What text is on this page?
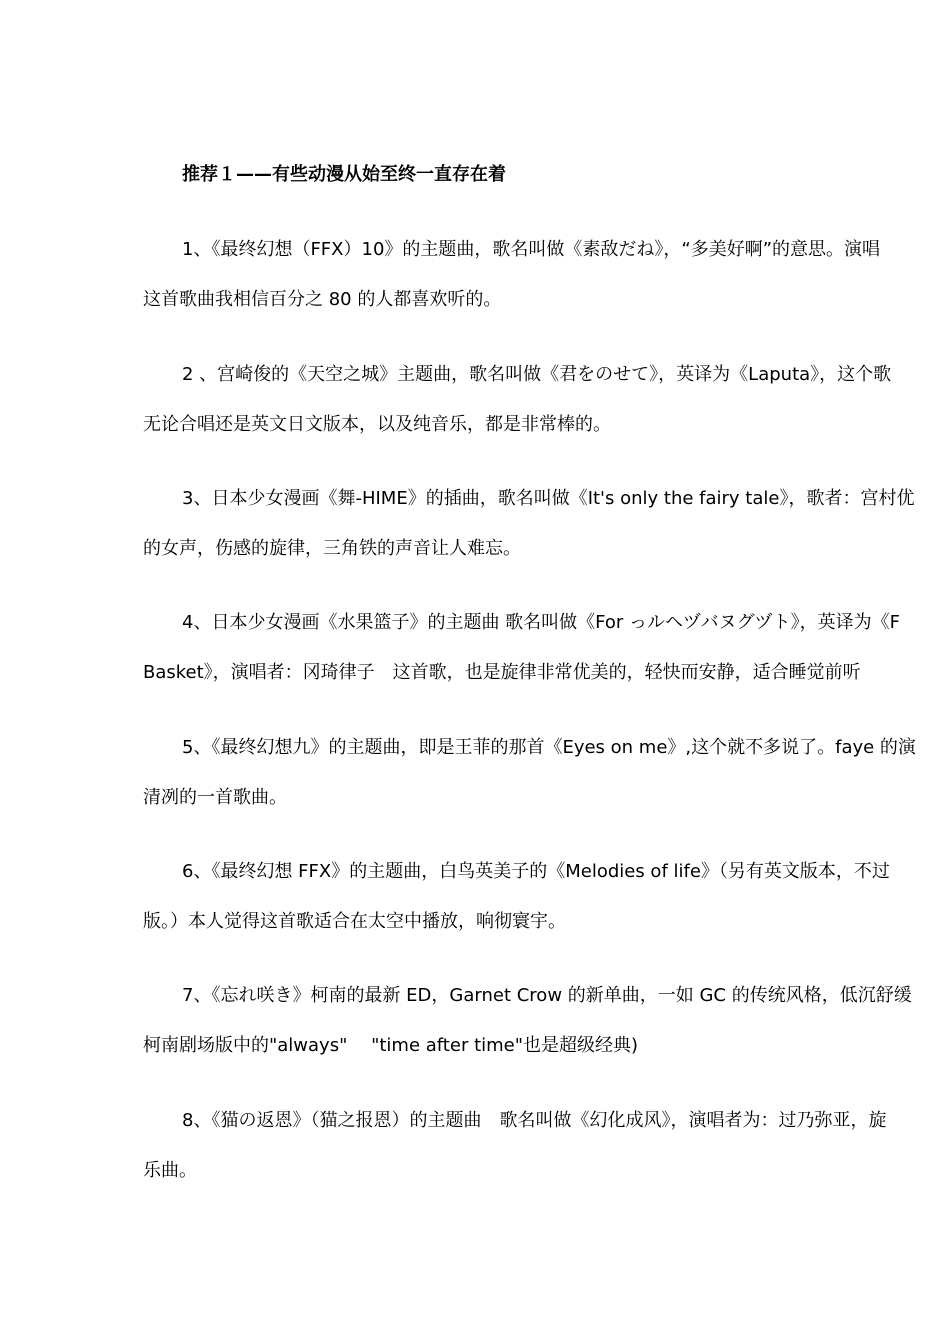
推荐１——有些动漫从始至终一直存在着
1、《最终幻想（FFX）10》的主题曲，歌名叫做《素敌だね》，“多美好啊”的意思。演唱
这首歌曲我相信百分之 80 的人都喜欢听的。
2 、宫崎俊的《天空之城》主题曲，歌名叫做《君をのせて》，英译为《Laputa》，这个歌
无论合唱还是英文日文版本，以及纯音乐，都是非常棒的。
3、日本少女漫画《舞-HIME》的插曲，歌名叫做《It's only the fairy tale》，歌者：宫村优
的女声，伤感的旋律，三角铁的声音让人难忘。
4、日本少女漫画《水果篮子》的主题曲 歌名叫做《For っルヘヅバヌグヅト》，英译为《F
Basket》，演唱者：冈琦律子　这首歌，也是旋律非常优美的，轻快而安静，适合睡觉前听
5、《最终幻想九》的主题曲，即是王菲的那首《Eyes on me》,这个就不多说了。faye 的演
清冽的一首歌曲。
6、《最终幻想 FFX》的主题曲，白鸟英美子的《Melodies of life》（另有英文版本，不过
版。）本人觉得这首歌适合在太空中播放，响彻寰宇。
7、《忘れ咲き》柯南的最新 ED，Garnet Crow 的新单曲，一如 GC 的传统风格，低沉舒缓
柯南剧场版中的"always"　 "time after time"也是超级经典)
8、《猫の返恩》（猫之报恩）的主题曲　歌名叫做《幻化成风》，演唱者为：过乃弥亚，旋
乐曲。
